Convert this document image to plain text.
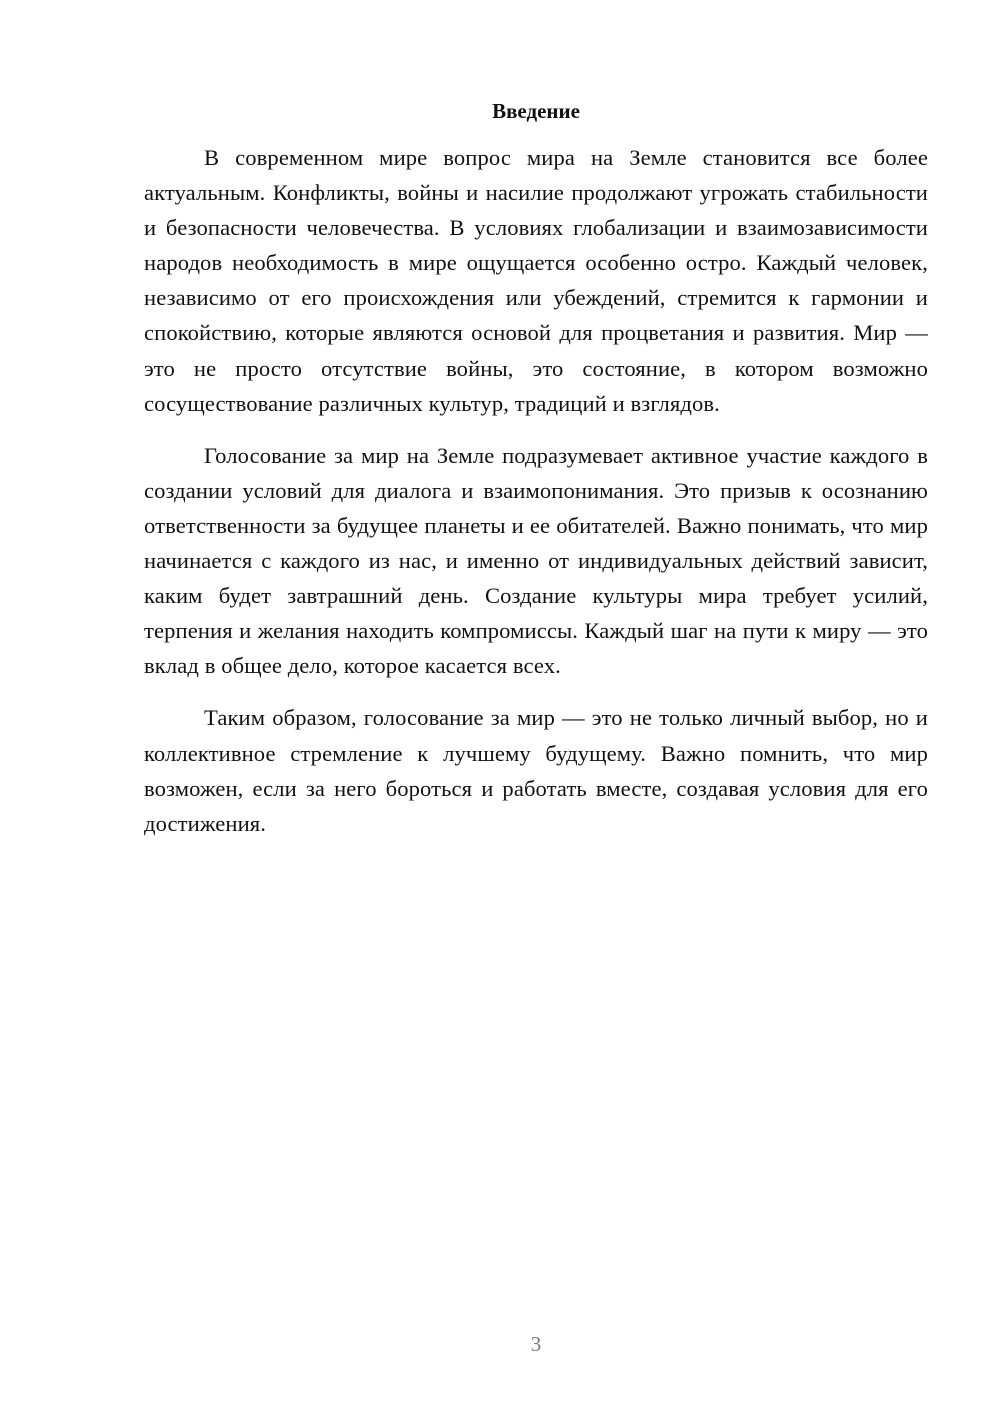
Введение

В современном мире вопрос мира на Земле становится все более актуальным. Конфликты, войны и насилие продолжают угрожать стабильности и безопасности человечества. В условиях глобализации и взаимозависимости народов необходимость в мире ощущается особенно остро. Каждый человек, независимо от его происхождения или убеждений, стремится к гармонии и спокойствию, которые являются основой для процветания и развития. Мир — это не просто отсутствие войны, это состояние, в котором возможно сосуществование различных культур, традиций и взглядов.

Голосование за мир на Земле подразумевает активное участие каждого в создании условий для диалога и взаимопонимания. Это призыв к осознанию ответственности за будущее планеты и ее обитателей. Важно понимать, что мир начинается с каждого из нас, и именно от индивидуальных действий зависит, каким будет завтрашний день. Создание культуры мира требует усилий, терпения и желания находить компромиссы. Каждый шаг на пути к миру — это вклад в общее дело, которое касается всех.

Таким образом, голосование за мир — это не только личный выбор, но и коллективное стремление к лучшему будущему. Важно помнить, что мир возможен, если за него бороться и работать вместе, создавая условия для его достижения.

3
